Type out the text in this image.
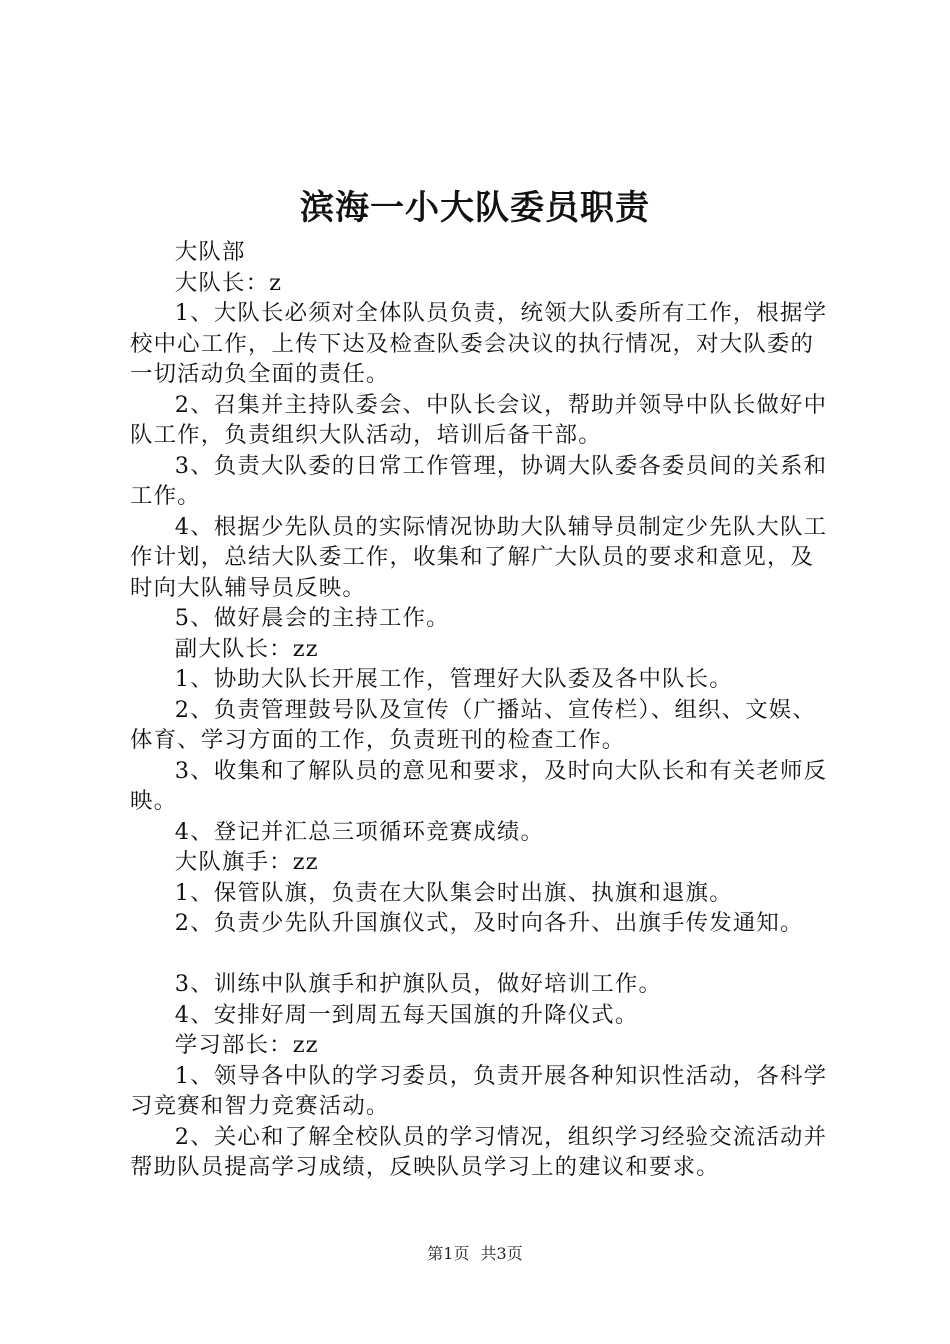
滨海一小大队委员职责

大队部

大队长：z

1、大队长必须对全体队员负责，统领大队委所有工作，根据学校中心工作，上传下达及检查队委会决议的执行情况，对大队委的一切活动负全面的责任。

2、召集并主持队委会、中队长会议，帮助并领导中队长做好中队工作，负责组织大队活动，培训后备干部。

3、负责大队委的日常工作管理，协调大队委各委员间的关系和工作。

4、根据少先队员的实际情况协助大队辅导员制定少先队大队工作计划，总结大队委工作，收集和了解广大队员的要求和意见，及时向大队辅导员反映。

5、做好晨会的主持工作。

副大队长：zz

1、协助大队长开展工作，管理好大队委及各中队长。

2、负责管理鼓号队及宣传（广播站、宣传栏）、组织、文娱、体育、学习方面的工作，负责班刊的检查工作。

3、收集和了解队员的意见和要求，及时向大队长和有关老师反映。

4、登记并汇总三项循环竞赛成绩。

大队旗手：zz

1、保管队旗，负责在大队集会时出旗、执旗和退旗。

2、负责少先队升国旗仪式，及时向各升、出旗手传发通知。

3、训练中队旗手和护旗队员，做好培训工作。

4、安排好周一到周五每天国旗的升降仪式。

学习部长：zz

1、领导各中队的学习委员，负责开展各种知识性活动，各科学习竞赛和智力竞赛活动。

2、关心和了解全校队员的学习情况，组织学习经验交流活动并帮助队员提高学习成绩，反映队员学习上的建议和要求。

第1页 共3页
